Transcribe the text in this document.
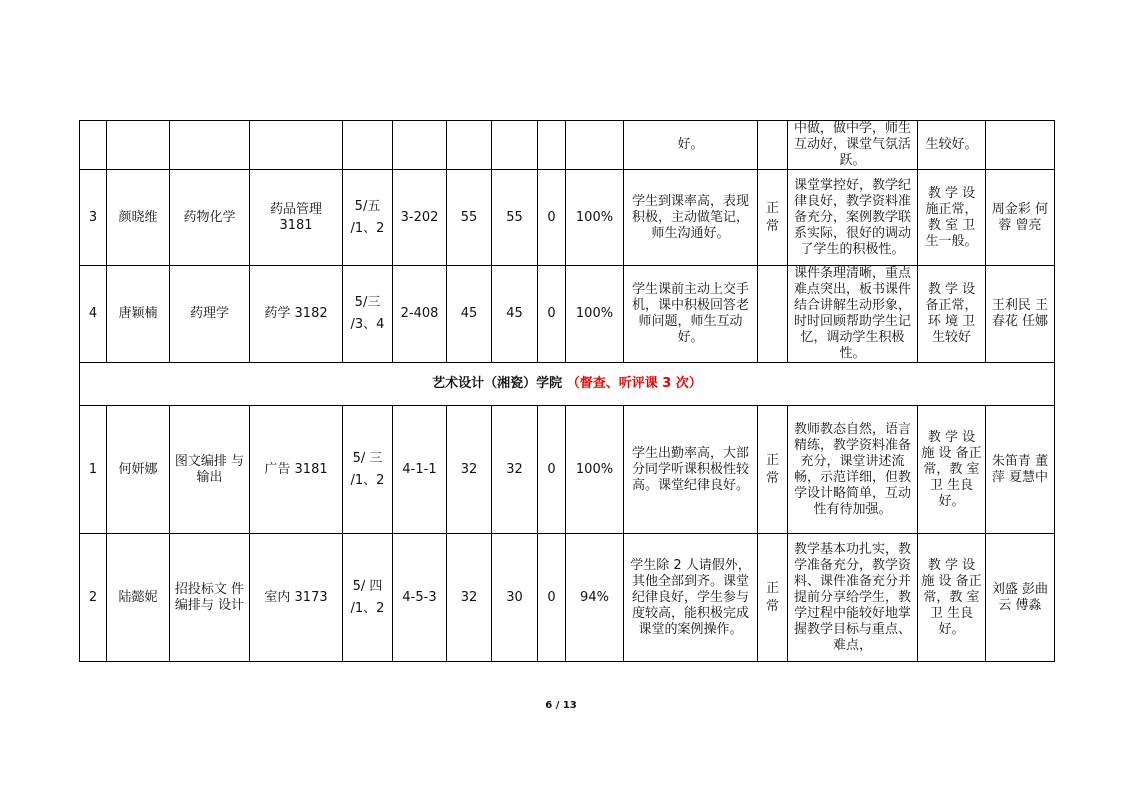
										好。		中做，做中学，师生互动好，课堂气氛活跃。	生较好。	
3	颜晓维	药物化学	药品管理 3181	5/五 /1、2	3-202	55	55	0	100%	学生到课率高，表现积极，主动做笔记，师生沟通好。	正常	课堂掌控好，教学纪律良好，教学资料准备充分，案例教学联系实际，很好的调动了学生的积极性。	教 学 设 施正常，教 室 卫 生一般。	周金彩 何蓉 曾亮
4	唐颖楠	药理学	药学 3182	5/三 /3、4	2-408	45	45	0	100%	学生课前主动上交手机，课中积极回答老师问题，师生互动好。		课件条理清晰，重点难点突出，板书课件结合讲解生动形象，时时回顾帮助学生记忆，调动学生积极性。	教 学 设 备正常，环 境 卫 生较好	王利民 王春花 任娜
艺术设计（湘瓷）学院 （督查、听评课 3 次）														
1	何妍娜	图文编排 与输出	广告 3181	5/ 三 /1、2	4-1-1	32	32	0	100%	学生出勤率高，大部分同学听课积极性较高。课堂纪律良好。	正常	教师教态自然，语言精练，教学资料准备充分，课堂讲述流畅，示范详细，但教学设计略简单，互动性有待加强。	教 学 设 施 设 备正常，教 室 卫 生良好。	朱笛青 董萍 夏慧中
2	陆懿妮	招投标文 件编排与 设计	室内 3173	5/ 四 /1、2	4-5-3	32	30	0	94%	学生除 2 人请假外，其他全部到齐。课堂纪律良好，学生参与度较高，能积极完成课堂的案例操作。	正常	教学基本功扎实，教学准备充分，教学资料、课件准备充分并提前分享给学生，教学过程中能较好地掌握教学目标与重点、难点，	教 学 设 施 设 备正常，教 室 卫 生良好。	刘盛 彭曲云 傅淼
6 / 13
